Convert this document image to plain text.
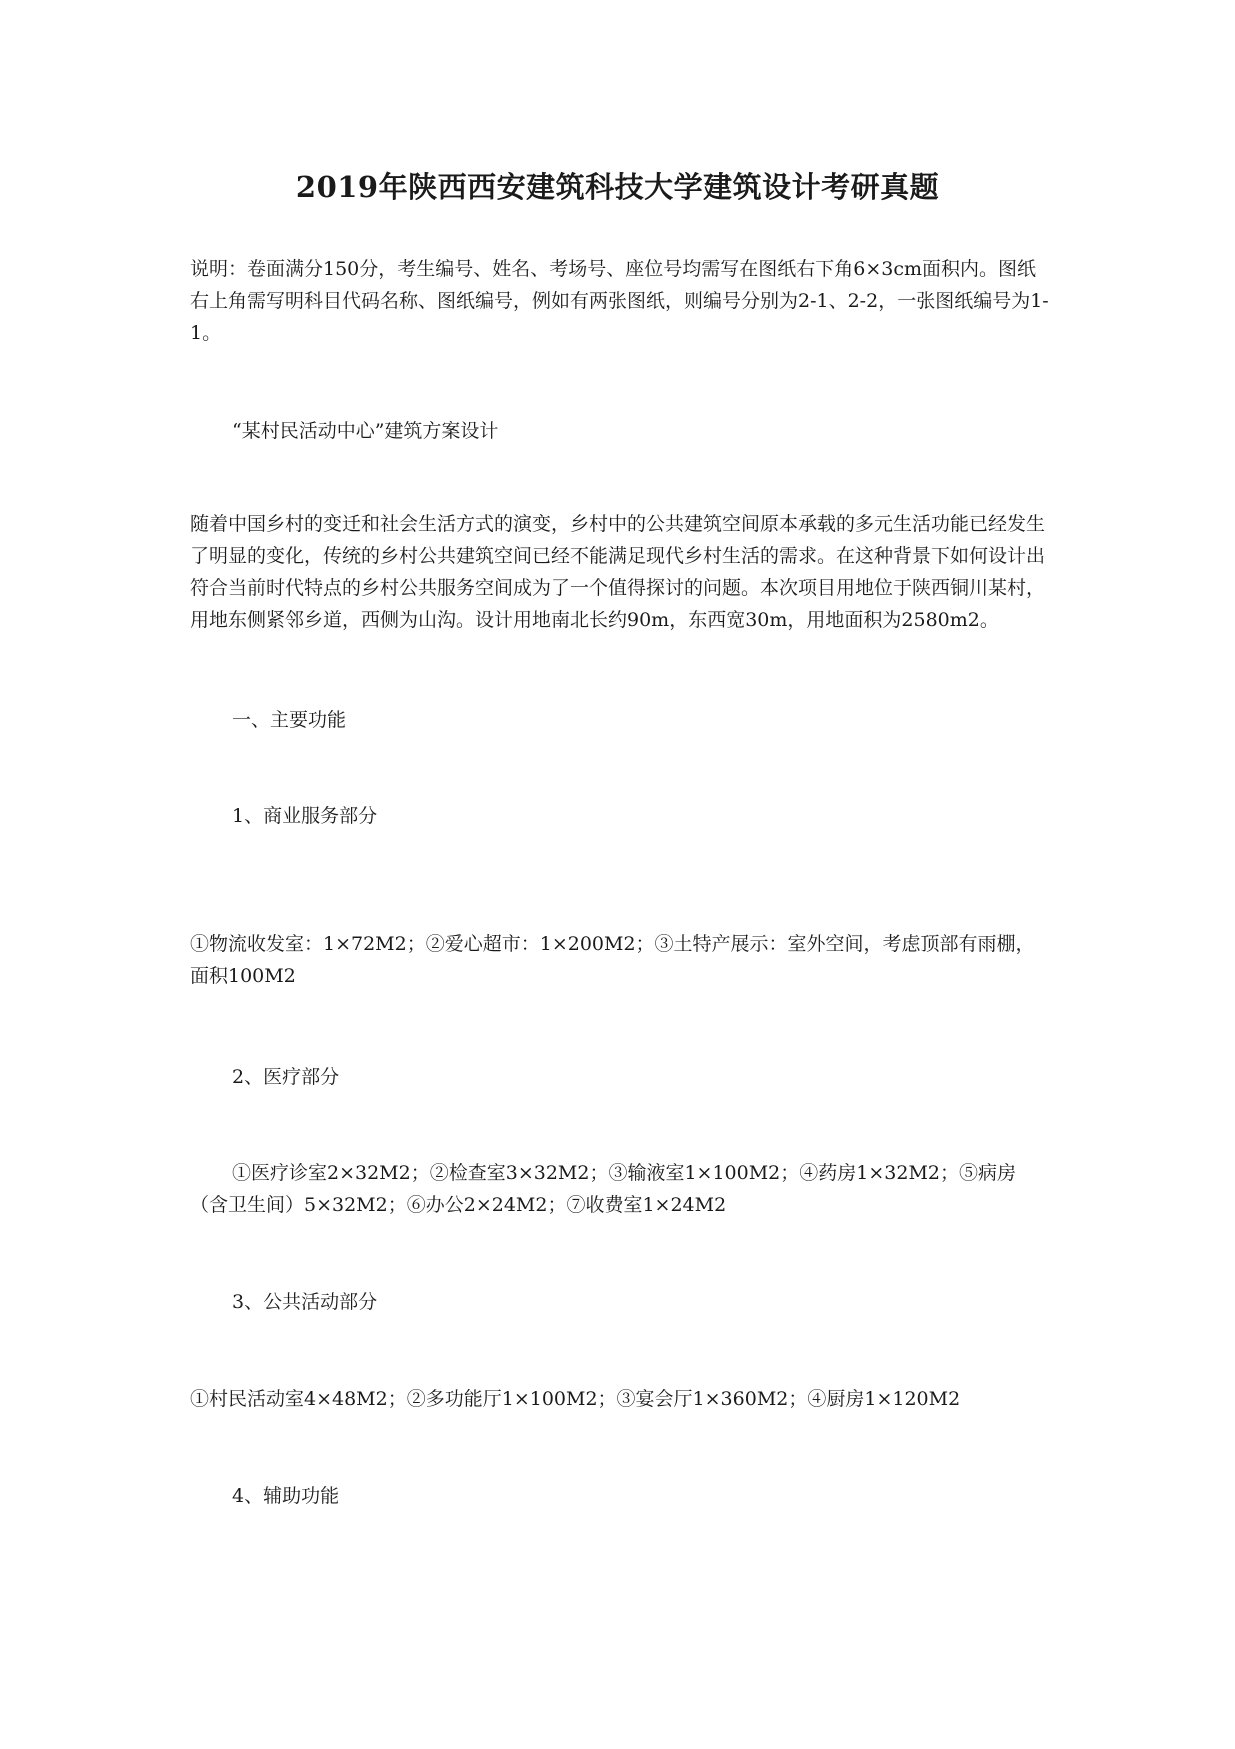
2019年陕西西安建筑科技大学建筑设计考研真题

说明：卷面满分150分，考生编号、姓名、考场号、座位号均需写在图纸右下角6×3cm面积内。图纸右上角需写明科目代码名称、图纸编号，例如有两张图纸，则编号分别为2-1、2-2，一张图纸编号为1-1。

“某村民活动中心”建筑方案设计

随着中国乡村的变迁和社会生活方式的演变，乡村中的公共建筑空间原本承载的多元生活功能已经发生了明显的变化，传统的乡村公共建筑空间已经不能满足现代乡村生活的需求。在这种背景下如何设计出符合当前时代特点的乡村公共服务空间成为了一个值得探讨的问题。本次项目用地位于陕西铜川某村，用地东侧紧邻乡道，西侧为山沟。设计用地南北长约90m，东西宽30m，用地面积为2580m2。

一、主要功能

1、商业服务部分

①物流收发室：1×72M2；②爱心超市：1×200M2；③土特产展示：室外空间，考虑顶部有雨棚，面积100M2

2、医疗部分

①医疗诊室2×32M2；②检查室3×32M2；③输液室1×100M2；④药房1×32M2；⑤病房（含卫生间）5×32M2；⑥办公2×24M2；⑦收费室1×24M2

3、公共活动部分

①村民活动室4×48M2；②多功能厅1×100M2；③宴会厅1×360M2；④厨房1×120M2

4、辅助功能
